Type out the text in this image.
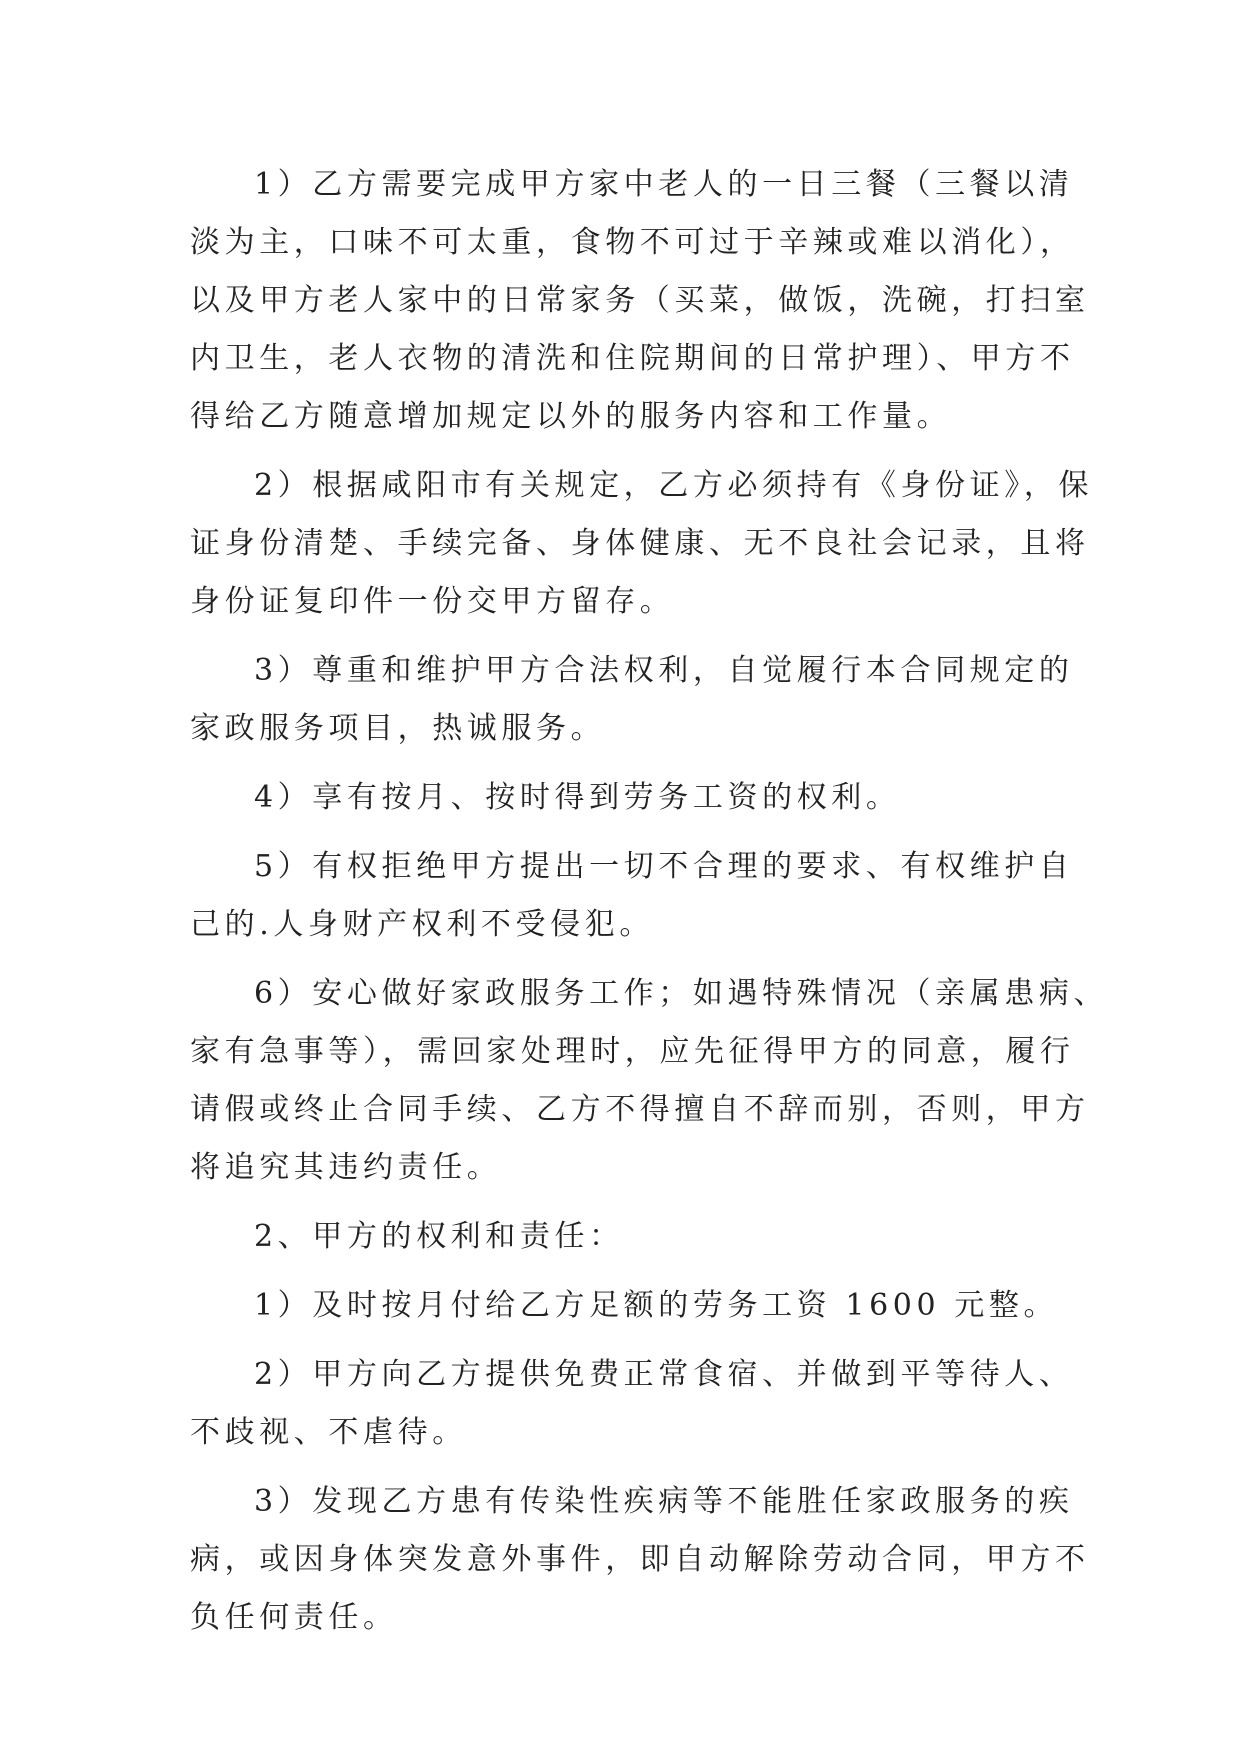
1）乙方需要完成甲方家中老人的一日三餐（三餐以清
淡为主，口味不可太重，食物不可过于辛辣或难以消化），
以及甲方老人家中的日常家务（买菜，做饭，洗碗，打扫室
内卫生，老人衣物的清洗和住院期间的日常护理）、甲方不
得给乙方随意增加规定以外的服务内容和工作量。

2）根据咸阳市有关规定，乙方必须持有《身份证》，保
证身份清楚、手续完备、身体健康、无不良社会记录，且将
身份证复印件一份交甲方留存。

3）尊重和维护甲方合法权利，自觉履行本合同规定的
家政服务项目，热诚服务。

4）享有按月、按时得到劳务工资的权利。

5）有权拒绝甲方提出一切不合理的要求、有权维护自
己的.人身财产权利不受侵犯。

6）安心做好家政服务工作；如遇特殊情况（亲属患病、
家有急事等），需回家处理时，应先征得甲方的同意，履行
请假或终止合同手续、乙方不得擅自不辞而别，否则，甲方
将追究其违约责任。

2、甲方的权利和责任：

1）及时按月付给乙方足额的劳务工资 1600 元整。

2）甲方向乙方提供免费正常食宿、并做到平等待人、
不歧视、不虐待。

3）发现乙方患有传染性疾病等不能胜任家政服务的疾
病，或因身体突发意外事件，即自动解除劳动合同，甲方不
负任何责任。
